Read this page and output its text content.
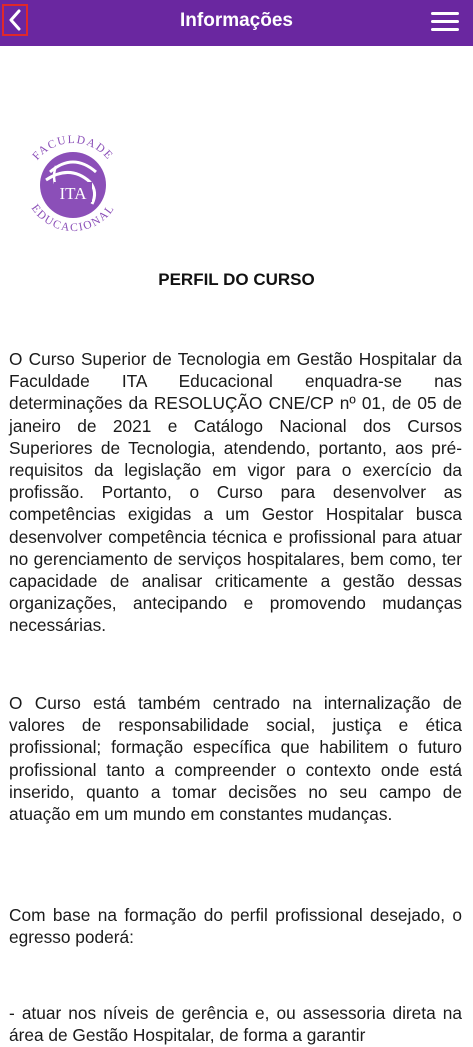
Informações
FACULDADE
ITA
EDUCACIONAL
PERFIL DO CURSO
O Curso Superior de Tecnologia em Gestão Hospitalar da Faculdade ITA Educacional enquadra-se nas determinações da RESOLUÇÃO CNE/CP nº 01, de 05 de janeiro de 2021 e Catálogo Nacional dos Cursos Superiores de Tecnologia, atendendo, portanto, aos pré-requisitos da legislação em vigor para o exercício da profissão. Portanto, o Curso para desenvolver as competências exigidas a um Gestor Hospitalar busca desenvolver competência técnica e profissional para atuar no gerenciamento de serviços hospitalares, bem como, ter capacidade de analisar criticamente a gestão dessas organizações, antecipando e promovendo mudanças necessárias.
O Curso está também centrado na internalização de valores de responsabilidade social, justiça e ética profissional; formação específica que habilitem o futuro profissional tanto a compreender o contexto onde está inserido, quanto a tomar decisões no seu campo de atuação em um mundo em constantes mudanças.
Com base na formação do perfil profissional desejado, o egresso poderá:
- atuar nos níveis de gerência e, ou assessoria direta na área de Gestão Hospitalar, de forma a garantir
